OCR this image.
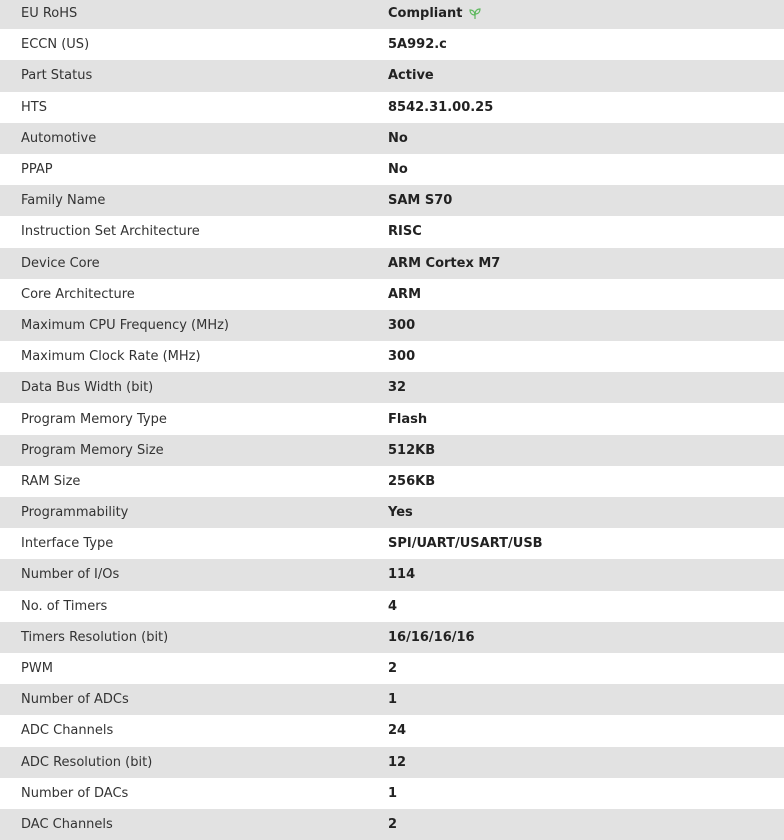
EU RoHS	Compliant
ECCN (US)	5A992.c
Part Status	Active
HTS	8542.31.00.25
Automotive	No
PPAP	No
Family Name	SAM S70
Instruction Set Architecture	RISC
Device Core	ARM Cortex M7
Core Architecture	ARM
Maximum CPU Frequency (MHz)	300
Maximum Clock Rate (MHz)	300
Data Bus Width (bit)	32
Program Memory Type	Flash
Program Memory Size	512KB
RAM Size	256KB
Programmability	Yes
Interface Type	SPI/UART/USART/USB
Number of I/Os	114
No. of Timers	4
Timers Resolution (bit)	16/16/16/16
PWM	2
Number of ADCs	1
ADC Channels	24
ADC Resolution (bit)	12
Number of DACs	1
DAC Channels	2
